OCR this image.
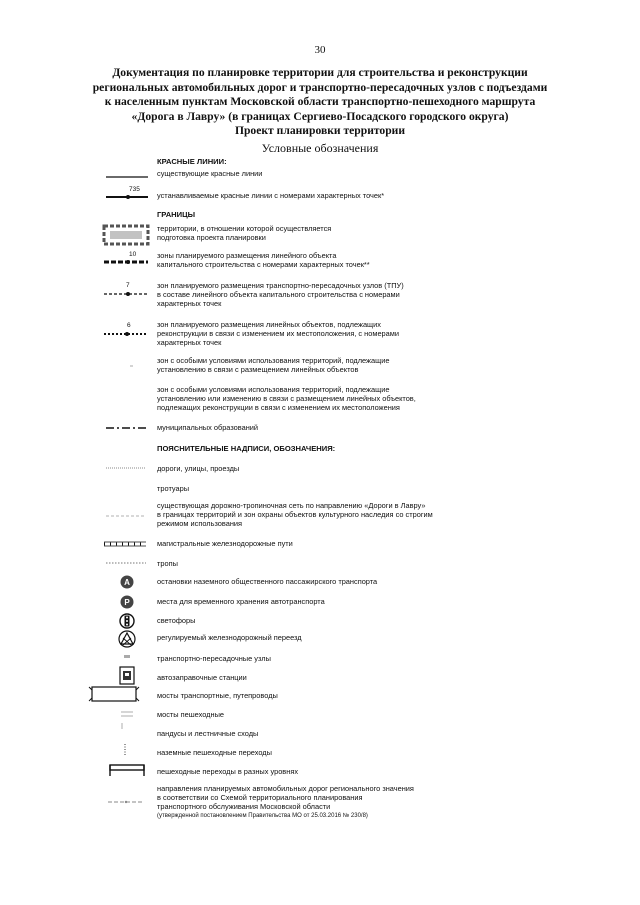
30
Документация по планировке территории для строительства и реконструкции
региональных автомобильных дорог и транспортно-пересадочных узлов с подъездами
к населенным пунктам Московской области транспортно-пешеходного маршрута
«Дорога в Лавру» (в границах Сергиево-Посадского городского округа)
Проект планировки территории
Условные обозначения
КРАСНЫЕ ЛИНИИ:
существующие красные линии
735
устанавливаемые красные линии с номерами характерных точек*
ГРАНИЦЫ
территории, в отношении которой осуществляется
подготовка проекта планировки
10	зоны планируемого размещения линейного объекта
капитального строительства с номерами характерных точек**
7	зон планируемого размещения транспортно-пересадочных узлов (ТПУ)
в составе линейного объекта капитального строительства с номерами
характерных точек
6	зон планируемого размещения линейных объектов, подлежащих
реконструкции в связи с изменением их местоположения, с номерами
характерных точек
зон с особыми условиями использования территорий, подлежащие
установлению в связи с размещением линейных объектов
зон с особыми условиями использования территорий, подлежащие
установлению или изменению в связи с размещением линейных объектов,
подлежащих реконструкции в связи с изменением их местоположения
муниципальных образований
ПОЯСНИТЕЛЬНЫЕ НАДПИСИ, ОБОЗНАЧЕНИЯ:
дороги, улицы, проезды
тротуары
существующая дорожно-тропиночная сеть по направлению «Дороги в Лавру»
в границах территорий и зон охраны объектов культурного наследия со строгим
режимом использования
магистральные железнодорожные пути
тропы
A	остановки наземного общественного пассажирского транспорта
P	места для временного хранения автотранспорта
светофоры
регулируемый железнодорожный переезд
транспортно-пересадочные узлы
автозаправочные станции
мосты транспортные, путепроводы
мосты пешеходные
пандусы и лестничные сходы
наземные пешеходные переходы
пешеходные переходы в разных уровнях
направления планируемых автомобильных дорог регионального значения
в соответствии со Схемой территориального планирования
транспортного обслуживания Московской области
(утвержденной постановлением Правительства МО от 25.03.2016 № 230/8)
